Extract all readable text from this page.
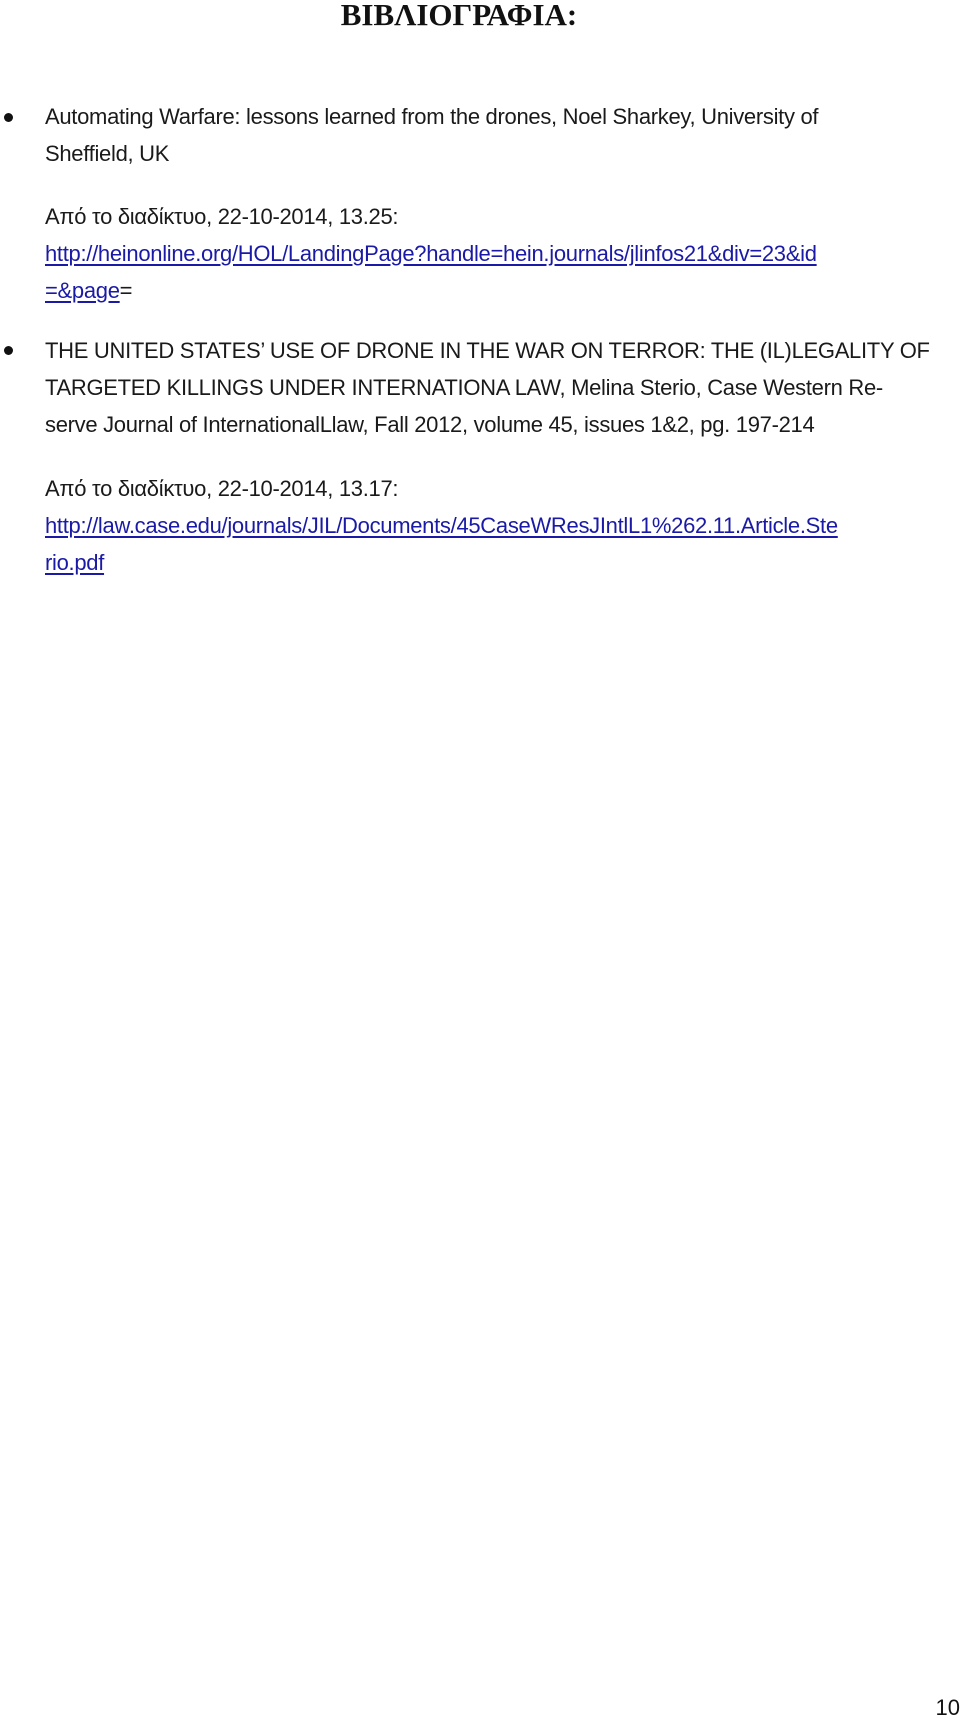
ΒΙΒΛΙΟΓΡΑΦΙΑ:
Automating Warfare: lessons learned from the drones, Noel Sharkey, University of
Sheffield, UK
Από το διαδίκτυο, 22-10-2014, 13.25:
http://heinonline.org/HOL/LandingPage?handle=hein.journals/jlinfos21&div=23&id
=&page=
THE UNITED STATES’ USE OF DRONE IN THE WAR ON TERROR: THE (IL)LEGALITY OF
TARGETED KILLINGS UNDER INTERNATIONA LAW, Melina Sterio, Case Western Re-
serve Journal of InternationalLlaw, Fall 2012, volume 45, issues 1&2, pg. 197-214
Από το διαδίκτυο, 22-10-2014, 13.17:
http://law.case.edu/journals/JIL/Documents/45CaseWResJIntlL1%262.11.Article.Ste
rio.pdf
10
